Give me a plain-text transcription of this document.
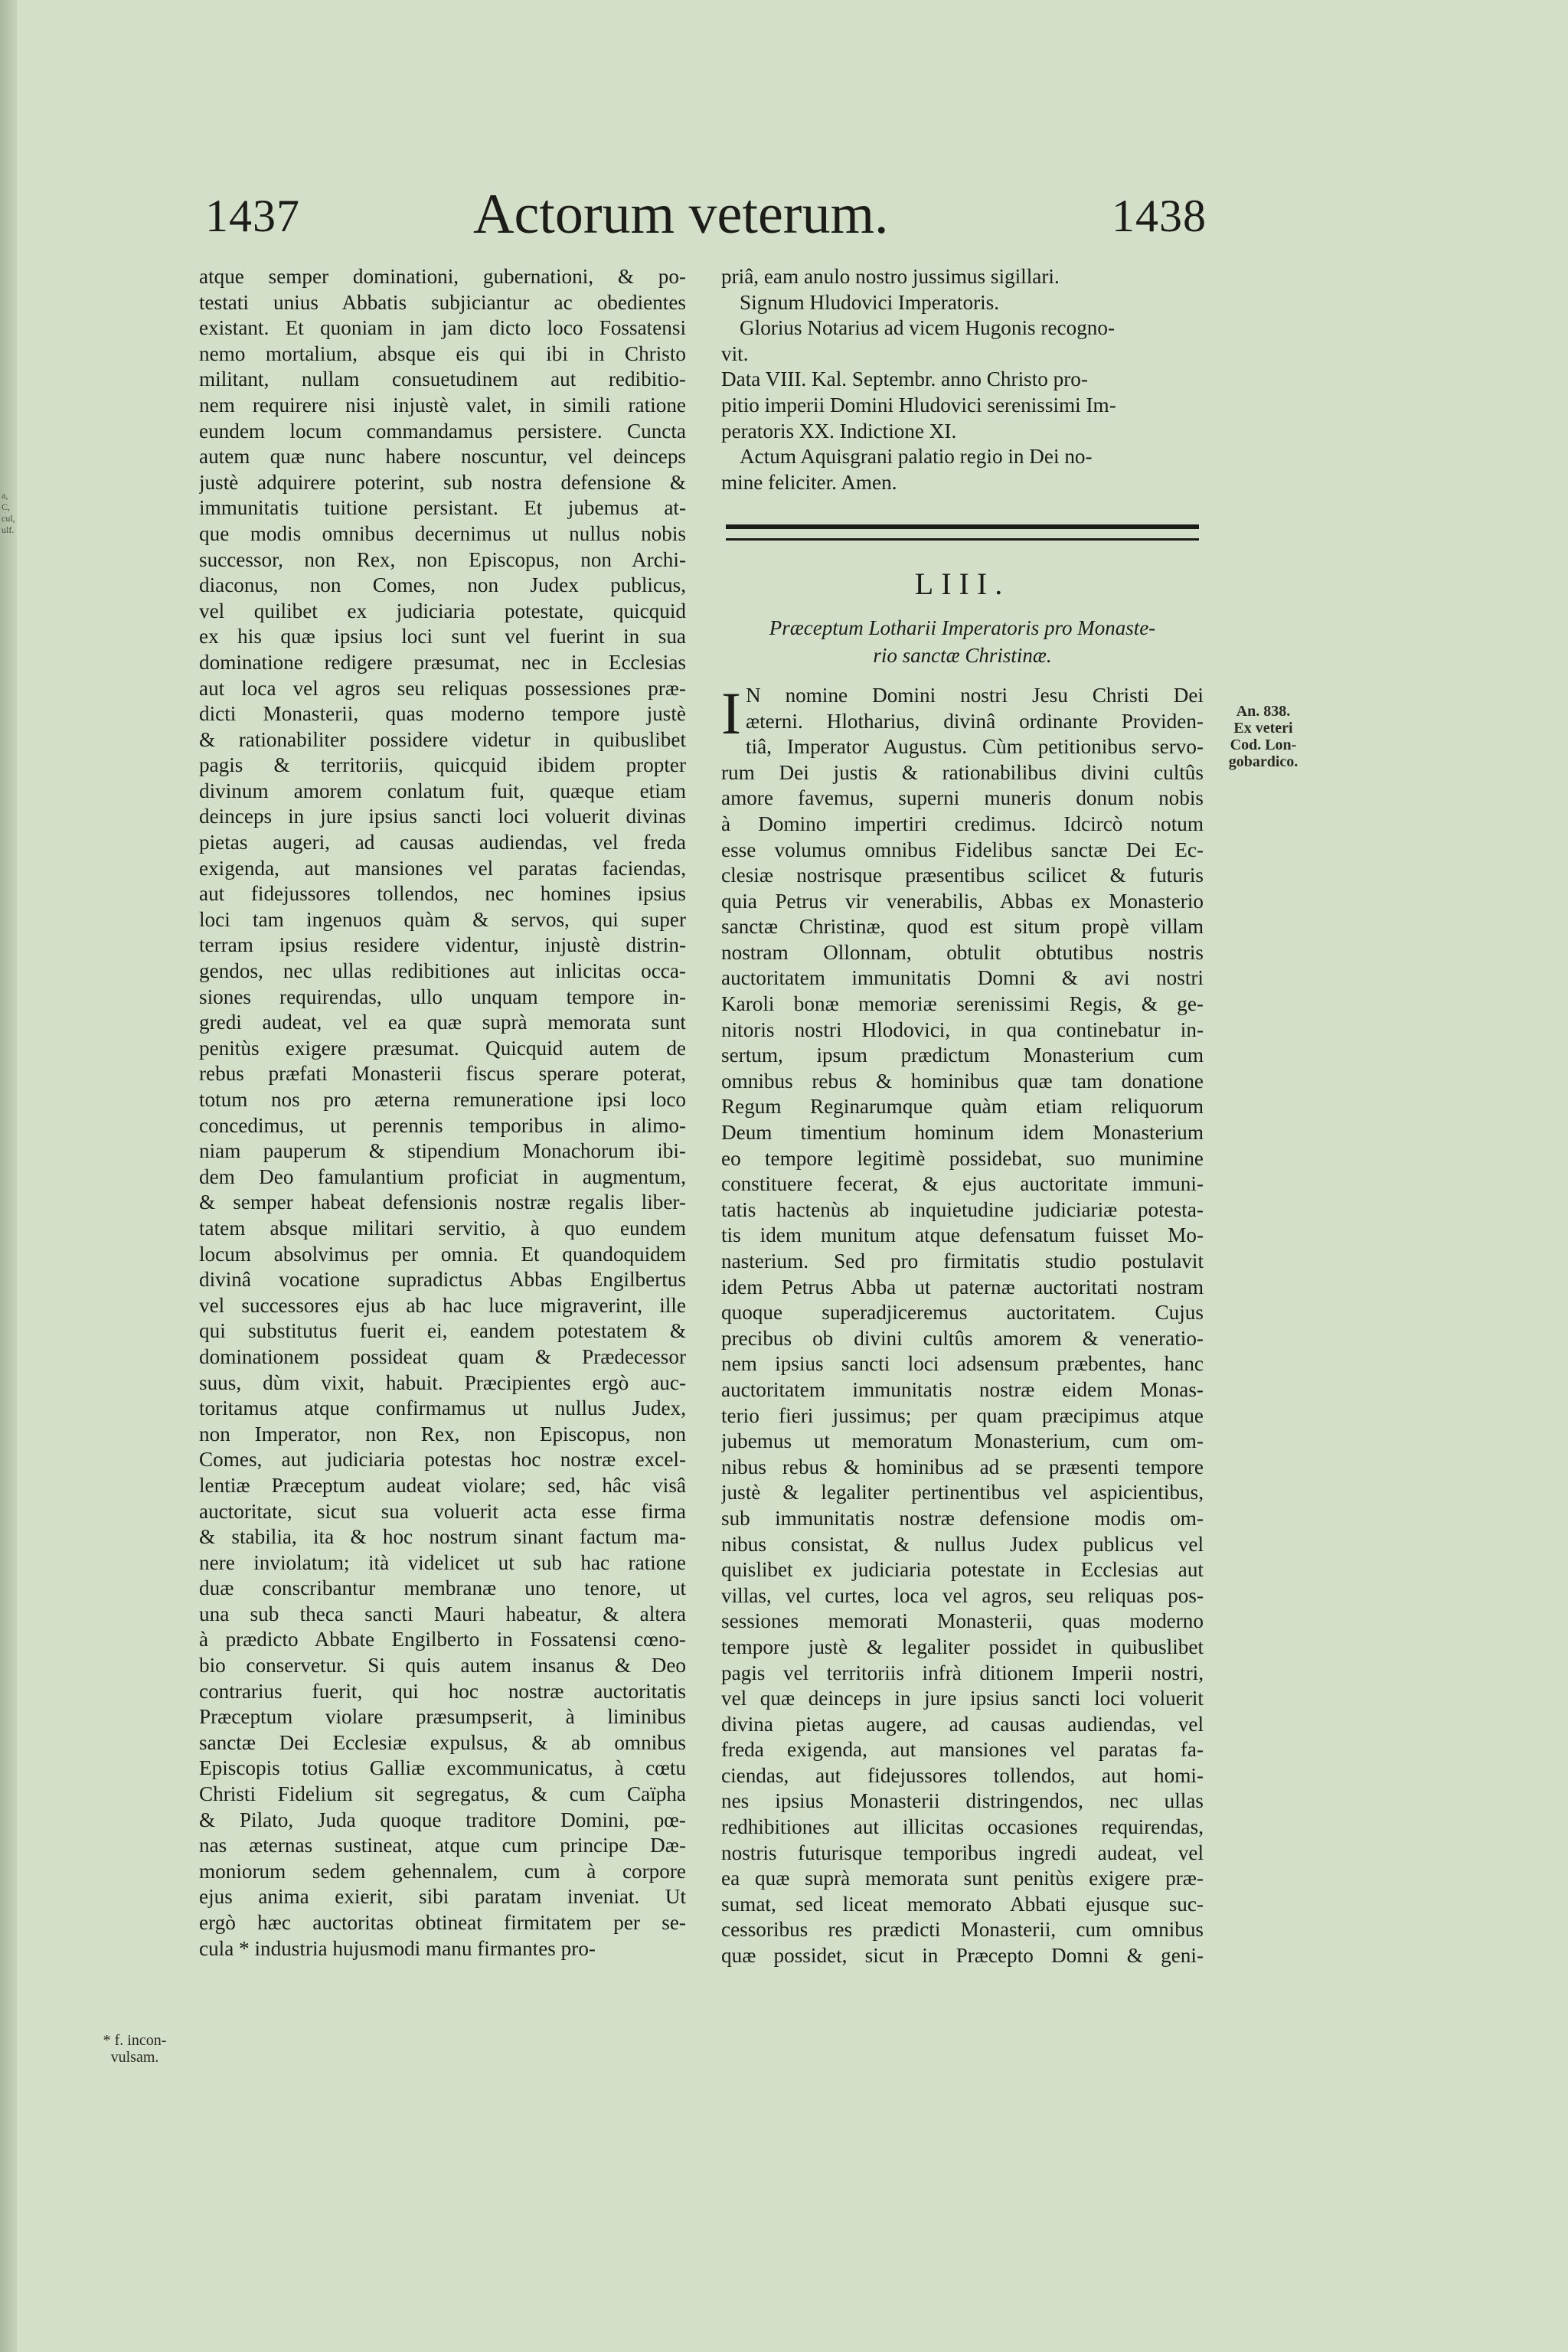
a, C, cul, ulf.
1437	Actorum veterum.	1438
atque semper dominationi, gubernationi, & po-
testati unius Abbatis subjiciantur ac obedientes
existant. Et quoniam in jam dicto loco Fossatensi
nemo mortalium, absque eis qui ibi in Christo
militant, nullam consuetudinem aut redibitio-
nem requirere nisi injustè valet, in simili ratione
eundem locum commandamus persistere. Cuncta
autem quæ nunc habere noscuntur, vel deinceps
justè adquirere poterint, sub nostra defensione &
immunitatis tuitione persistant. Et jubemus at-
que modis omnibus decernimus ut nullus nobis
successor, non Rex, non Episcopus, non Archi-
diaconus, non Comes, non Judex publicus,
vel quilibet ex judiciaria potestate, quicquid
ex his quæ ipsius loci sunt vel fuerint in sua
dominatione redigere præsumat, nec in Ecclesias
aut loca vel agros seu reliquas possessiones præ-
dicti Monasterii, quas moderno tempore justè
& rationabiliter possidere videtur in quibuslibet
pagis & territoriis, quicquid ibidem propter
divinum amorem conlatum fuit, quæque etiam
deinceps in jure ipsius sancti loci voluerit divinas
pietas augeri, ad causas audiendas, vel freda
exigenda, aut mansiones vel paratas faciendas,
aut fidejussores tollendos, nec homines ipsius
loci tam ingenuos quàm & servos, qui super
terram ipsius residere videntur, injustè distrin-
gendos, nec ullas redibitiones aut inlicitas occa-
siones requirendas, ullo unquam tempore in-
gredi audeat, vel ea quæ suprà memorata sunt
penitùs exigere præsumat. Quicquid autem de
rebus præfati Monasterii fiscus sperare poterat,
totum nos pro æterna remuneratione ipsi loco
concedimus, ut perennis temporibus in alimo-
niam pauperum & stipendium Monachorum ibi-
dem Deo famulantium proficiat in augmentum,
& semper habeat defensionis nostræ regalis liber-
tatem absque militari servitio, à quo eundem
locum absolvimus per omnia. Et quandoquidem
divinâ vocatione supradictus Abbas Engilbertus
vel successores ejus ab hac luce migraverint, ille
qui substitutus fuerit ei, eandem potestatem &
dominationem possideat quam & Prædecessor
suus, dùm vixit, habuit. Præcipientes ergò auc-
toritamus atque confirmamus ut nullus Judex,
non Imperator, non Rex, non Episcopus, non
Comes, aut judiciaria potestas hoc nostræ excel-
lentiæ Præceptum audeat violare; sed, hâc visâ
auctoritate, sicut sua voluerit acta esse firma
& stabilia, ita & hoc nostrum sinant factum ma-
nere inviolatum; ità videlicet ut sub hac ratione
duæ conscribantur membranæ uno tenore, ut
una sub theca sancti Mauri habeatur, & altera
à prædicto Abbate Engilberto in Fossatensi cœno-
bio conservetur. Si quis autem insanus & Deo
contrarius fuerit, qui hoc nostræ auctoritatis
Præceptum violare præsumpserit, à liminibus
sanctæ Dei Ecclesiæ expulsus, & ab omnibus
Episcopis totius Galliæ excommunicatus, à cœtu
Christi Fidelium sit segregatus, & cum Caïpha
& Pilato, Juda quoque traditore Domini, pœ-
nas æternas sustineat, atque cum principe Dæ-
moniorum sedem gehennalem, cum à corpore
ejus anima exierit, sibi paratam inveniat. Ut
ergò hæc auctoritas obtineat firmitatem per se-
cula * industria hujusmodi manu firmantes pro-
priâ, eam anulo nostro jussimus sigillari.
Signum Hludovici Imperatoris.
Glorius Notarius ad vicem Hugonis recogno-
vit.
Data VIII. Kal. Septembr. anno Christo pro-
pitio imperii Domini Hludovici serenissimi Im-
peratoris XX. Indictione XI.
Actum Aquisgrani palatio regio in Dei no-
mine feliciter. Amen.
LIII.
Præceptum Lotharii Imperatoris pro Monaste-
rio sanctæ Christinæ.
I N nomine Domini nostri Jesu Christi Dei
æterni. Hlotharius, divinâ ordinante Providen-
tiâ, Imperator Augustus. Cùm petitionibus servo-
rum Dei justis & rationabilibus divini cultûs
amore favemus, superni muneris donum nobis
à Domino impertiri credimus. Idcircò notum
esse volumus omnibus Fidelibus sanctæ Dei Ec-
clesiæ nostrisque præsentibus scilicet & futuris
quia Petrus vir venerabilis, Abbas ex Monasterio
sanctæ Christinæ, quod est situm propè villam
nostram Ollonnam, obtulit obtutibus nostris
auctoritatem immunitatis Domni & avi nostri
Karoli bonæ memoriæ serenissimi Regis, & ge-
nitoris nostri Hlodovici, in qua continebatur in-
sertum, ipsum prædictum Monasterium cum
omnibus rebus & hominibus quæ tam donatione
Regum Reginarumque quàm etiam reliquorum
Deum timentium hominum idem Monasterium
eo tempore legitimè possidebat, suo munimine
constituere fecerat, & ejus auctoritate immuni-
tatis hactenùs ab inquietudine judiciariæ potesta-
tis idem munitum atque defensatum fuisset Mo-
nasterium. Sed pro firmitatis studio postulavit
idem Petrus Abba ut paternæ auctoritati nostram
quoque superadjiceremus auctoritatem. Cujus
precibus ob divini cultûs amorem & veneratio-
nem ipsius sancti loci adsensum præbentes, hanc
auctoritatem immunitatis nostræ eidem Monas-
terio fieri jussimus; per quam præcipimus atque
jubemus ut memoratum Monasterium, cum om-
nibus rebus & hominibus ad se præsenti tempore
justè & legaliter pertinentibus vel aspicientibus,
sub immunitatis nostræ defensione modis om-
nibus consistat, & nullus Judex publicus vel
quislibet ex judiciaria potestate in Ecclesias aut
villas, vel curtes, loca vel agros, seu reliquas pos-
sessiones memorati Monasterii, quas moderno
tempore justè & legaliter possidet in quibuslibet
pagis vel territoriis infrà ditionem Imperii nostri,
vel quæ deinceps in jure ipsius sancti loci voluerit
divina pietas augere, ad causas audiendas, vel
freda exigenda, aut mansiones vel paratas fa-
ciendas, aut fidejussores tollendos, aut homi-
nes ipsius Monasterii distringendos, nec ullas
redhibitiones aut illicitas occasiones requirendas,
nostris futurisque temporibus ingredi audeat, vel
ea quæ suprà memorata sunt penitùs exigere præ-
sumat, sed liceat memorato Abbati ejusque suc-
cessoribus res prædicti Monasterii, cum omnibus
quæ possidet, sicut in Præcepto Domni & geni-
* f. incon-
vulsam.
An. 838.
Ex veteri
Cod. Lon-
gobardico.
